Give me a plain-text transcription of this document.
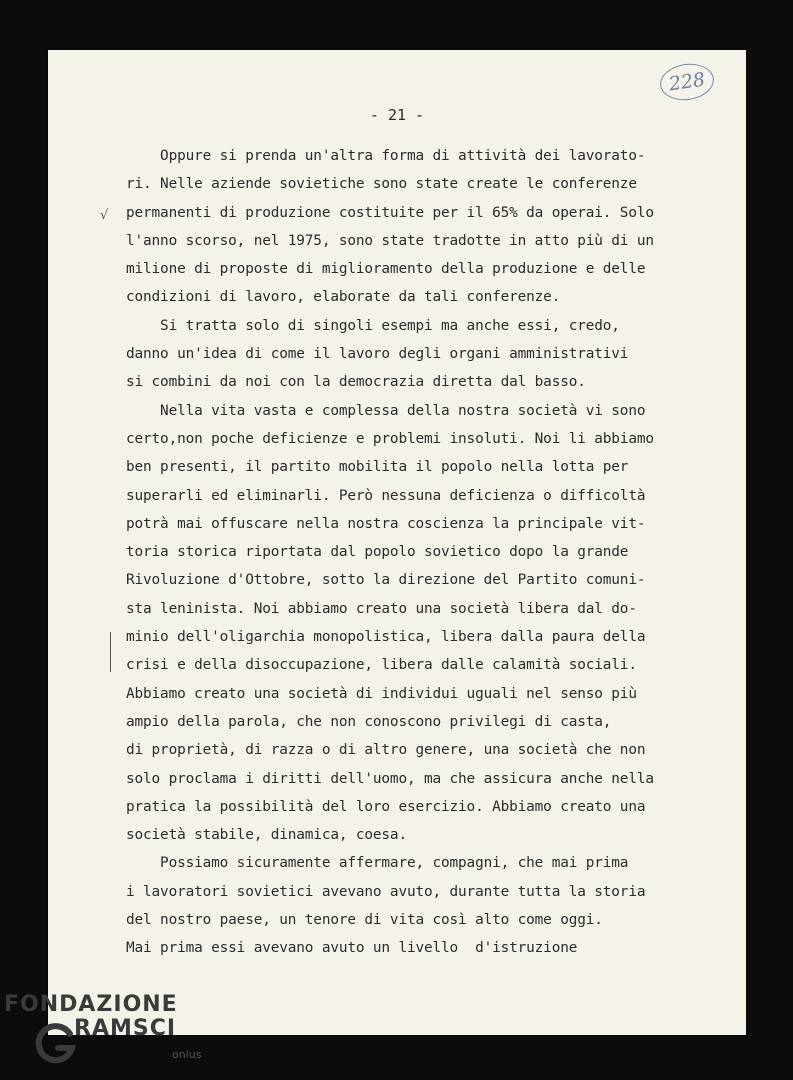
228
- 21 -
√
Oppure si prenda un'altra forma di attività dei lavorato-
ri. Nelle aziende sovietiche sono state create le conferenze
permanenti di produzione costituite per il 65% da operai. Solo
l'anno scorso, nel 1975, sono state tradotte in atto più di un
milione di proposte di miglioramento della produzione e delle
condizioni di lavoro, elaborate da tali conferenze.
Si tratta solo di singoli esempi ma anche essi, credo,
danno un'idea di come il lavoro degli organi amministrativi
si combini da noi con la democrazia diretta dal basso.
Nella vita vasta e complessa della nostra società vi sono
certo,non poche deficienze e problemi insoluti. Noi li abbiamo
ben presenti, il partito mobilita il popolo nella lotta per
superarli ed eliminarli. Però nessuna deficienza o difficoltà
potrà mai offuscare nella nostra coscienza la principale vit-
toria storica riportata dal popolo sovietico dopo la grande
Rivoluzione d'Ottobre, sotto la direzione del Partito comuni-
sta leninista. Noi abbiamo creato una società libera dal do-
minio dell'oligarchia monopolistica, libera dalla paura della
crisi e della disoccupazione, libera dalle calamità sociali.
Abbiamo creato una società di individui uguali nel senso più
ampio della parola, che non conoscono privilegi di casta,
di proprietà, di razza o di altro genere, una società che non
solo proclama i diritti dell'uomo, ma che assicura anche nella
pratica la possibilità del loro esercizio. Abbiamo creato una
società stabile, dinamica, coesa.
Possiamo sicuramente affermare, compagni, che mai prima
i lavoratori sovietici avevano avuto, durante tutta la storia
del nostro paese, un tenore di vita così alto come oggi.
Mai prima essi avevano avuto un livello  d'istruzione
FONDAZIONE
RAMSCI
onlus
